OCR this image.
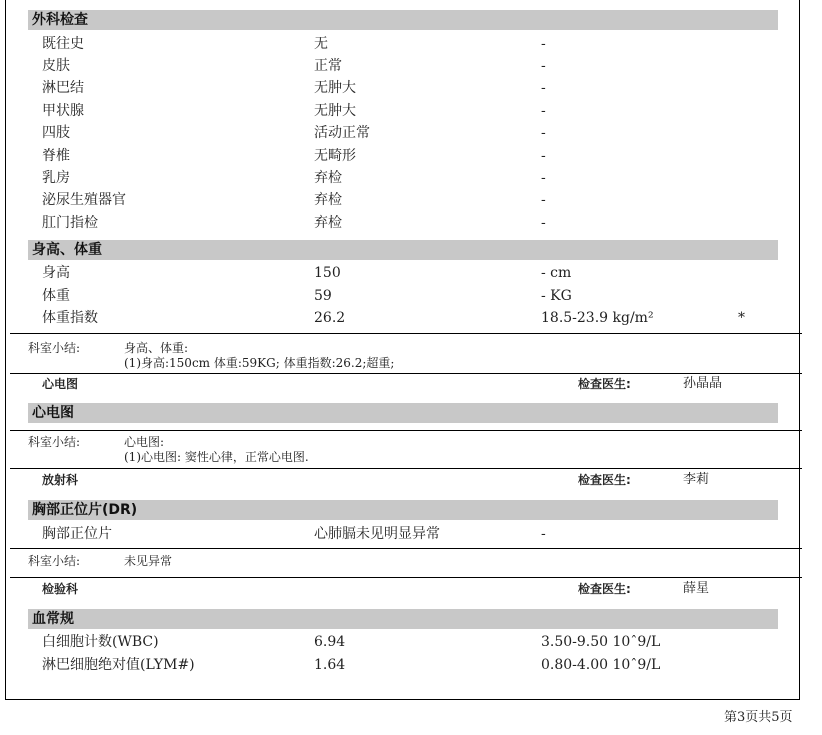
外科检查
既往史	无	-
皮肤	正常	-
淋巴结	无肿大	-
甲状腺	无肿大	-
四肢	活动正常	-
脊椎	无畸形	-
乳房	弃检	-
泌尿生殖器官	弃检	-
肛门指检	弃检	-
身高、体重
身高	150	- cm
体重	59	- KG
体重指数	26.2	18.5-23.9 kg/m²	*
科室小结:	身高、体重:
(1)身高:150cm 体重:59KG; 体重指数:26.2;超重;
心电图	检查医生:	孙晶晶
心电图
科室小结:	心电图:
(1)心电图: 窦性心律，正常心电图.
放射科	检查医生:	李莉
胸部正位片(DR)
胸部正位片	心肺膈未见明显异常	-
科室小结:	未见异常
检验科	检查医生:	薛星
血常规
白细胞计数(WBC)	6.94	3.50-9.50 10ˆ9/L
淋巴细胞绝对值(LYM#)	1.64	0.80-4.00 10ˆ9/L
第3页共5页
